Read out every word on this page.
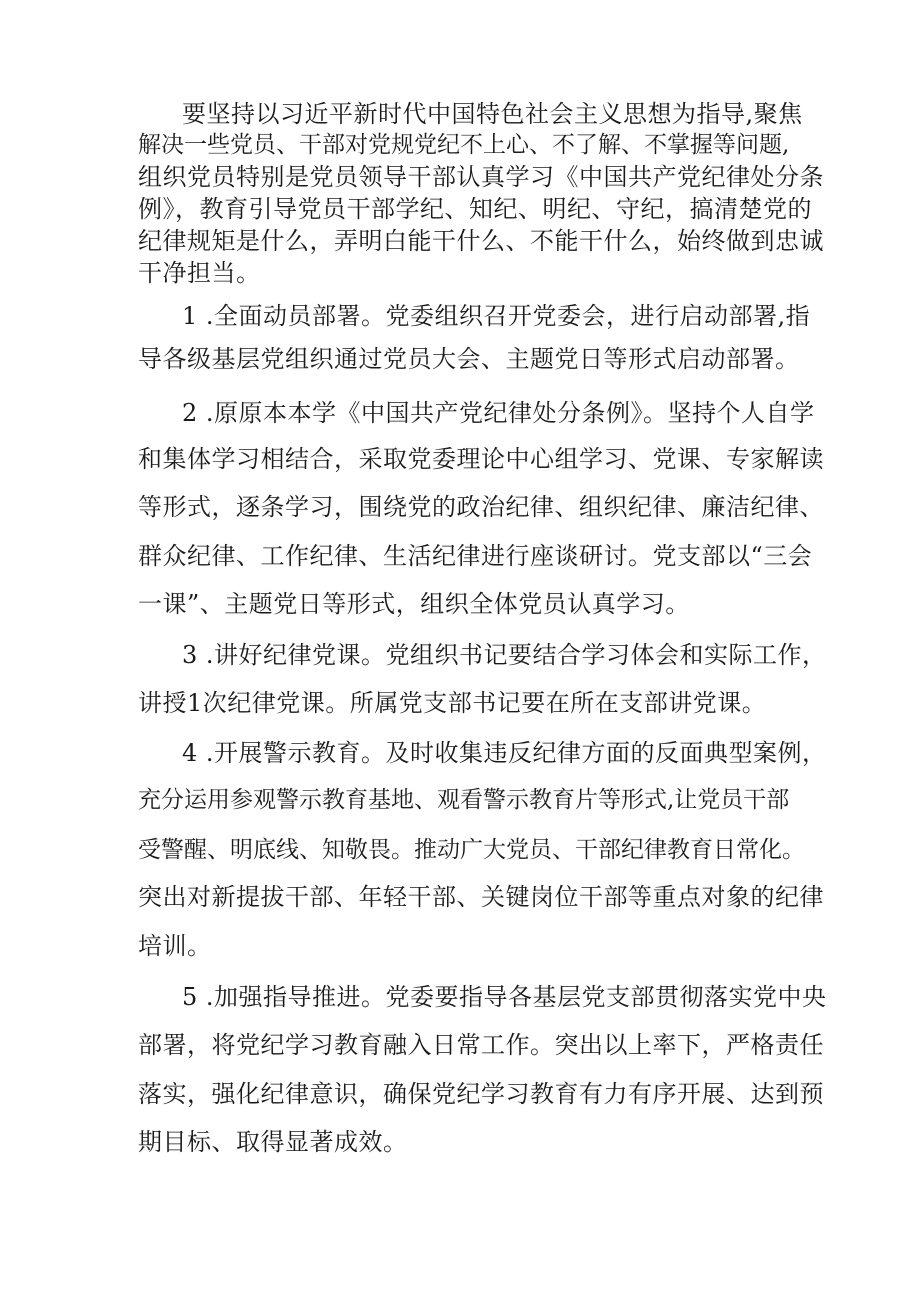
要坚持以习近平新时代中国特色社会主义思想为指导,聚焦
解决一些党员、干部对党规党纪不上心、不了解、不掌握等问题,
组织党员特别是党员领导干部认真学习《中国共产党纪律处分条
例》，教育引导党员干部学纪、知纪、明纪、守纪，搞清楚党的
纪律规矩是什么，弄明白能干什么、不能干什么，始终做到忠诚
干净担当。
1 .全面动员部署。党委组织召开党委会，进行启动部署,指
导各级基层党组织通过党员大会、主题党日等形式启动部署。
2 .原原本本学《中国共产党纪律处分条例》。坚持个人自学
和集体学习相结合，采取党委理论中心组学习、党课、专家解读
等形式，逐条学习，围绕党的政治纪律、组织纪律、廉洁纪律、
群众纪律、工作纪律、生活纪律进行座谈研讨。党支部以“三会
一课”、主题党日等形式，组织全体党员认真学习。
3 .讲好纪律党课。党组织书记要结合学习体会和实际工作，
讲授1次纪律党课。所属党支部书记要在所在支部讲党课。
4 .开展警示教育。及时收集违反纪律方面的反面典型案例，
充分运用参观警示教育基地、观看警示教育片等形式,让党员干部
受警醒、明底线、知敬畏。推动广大党员、干部纪律教育日常化。
突出对新提拔干部、年轻干部、关键岗位干部等重点对象的纪律
培训。
5 .加强指导推进。党委要指导各基层党支部贯彻落实党中央
部署，将党纪学习教育融入日常工作。突出以上率下，严格责任
落实，强化纪律意识，确保党纪学习教育有力有序开展、达到预
期目标、取得显著成效。
